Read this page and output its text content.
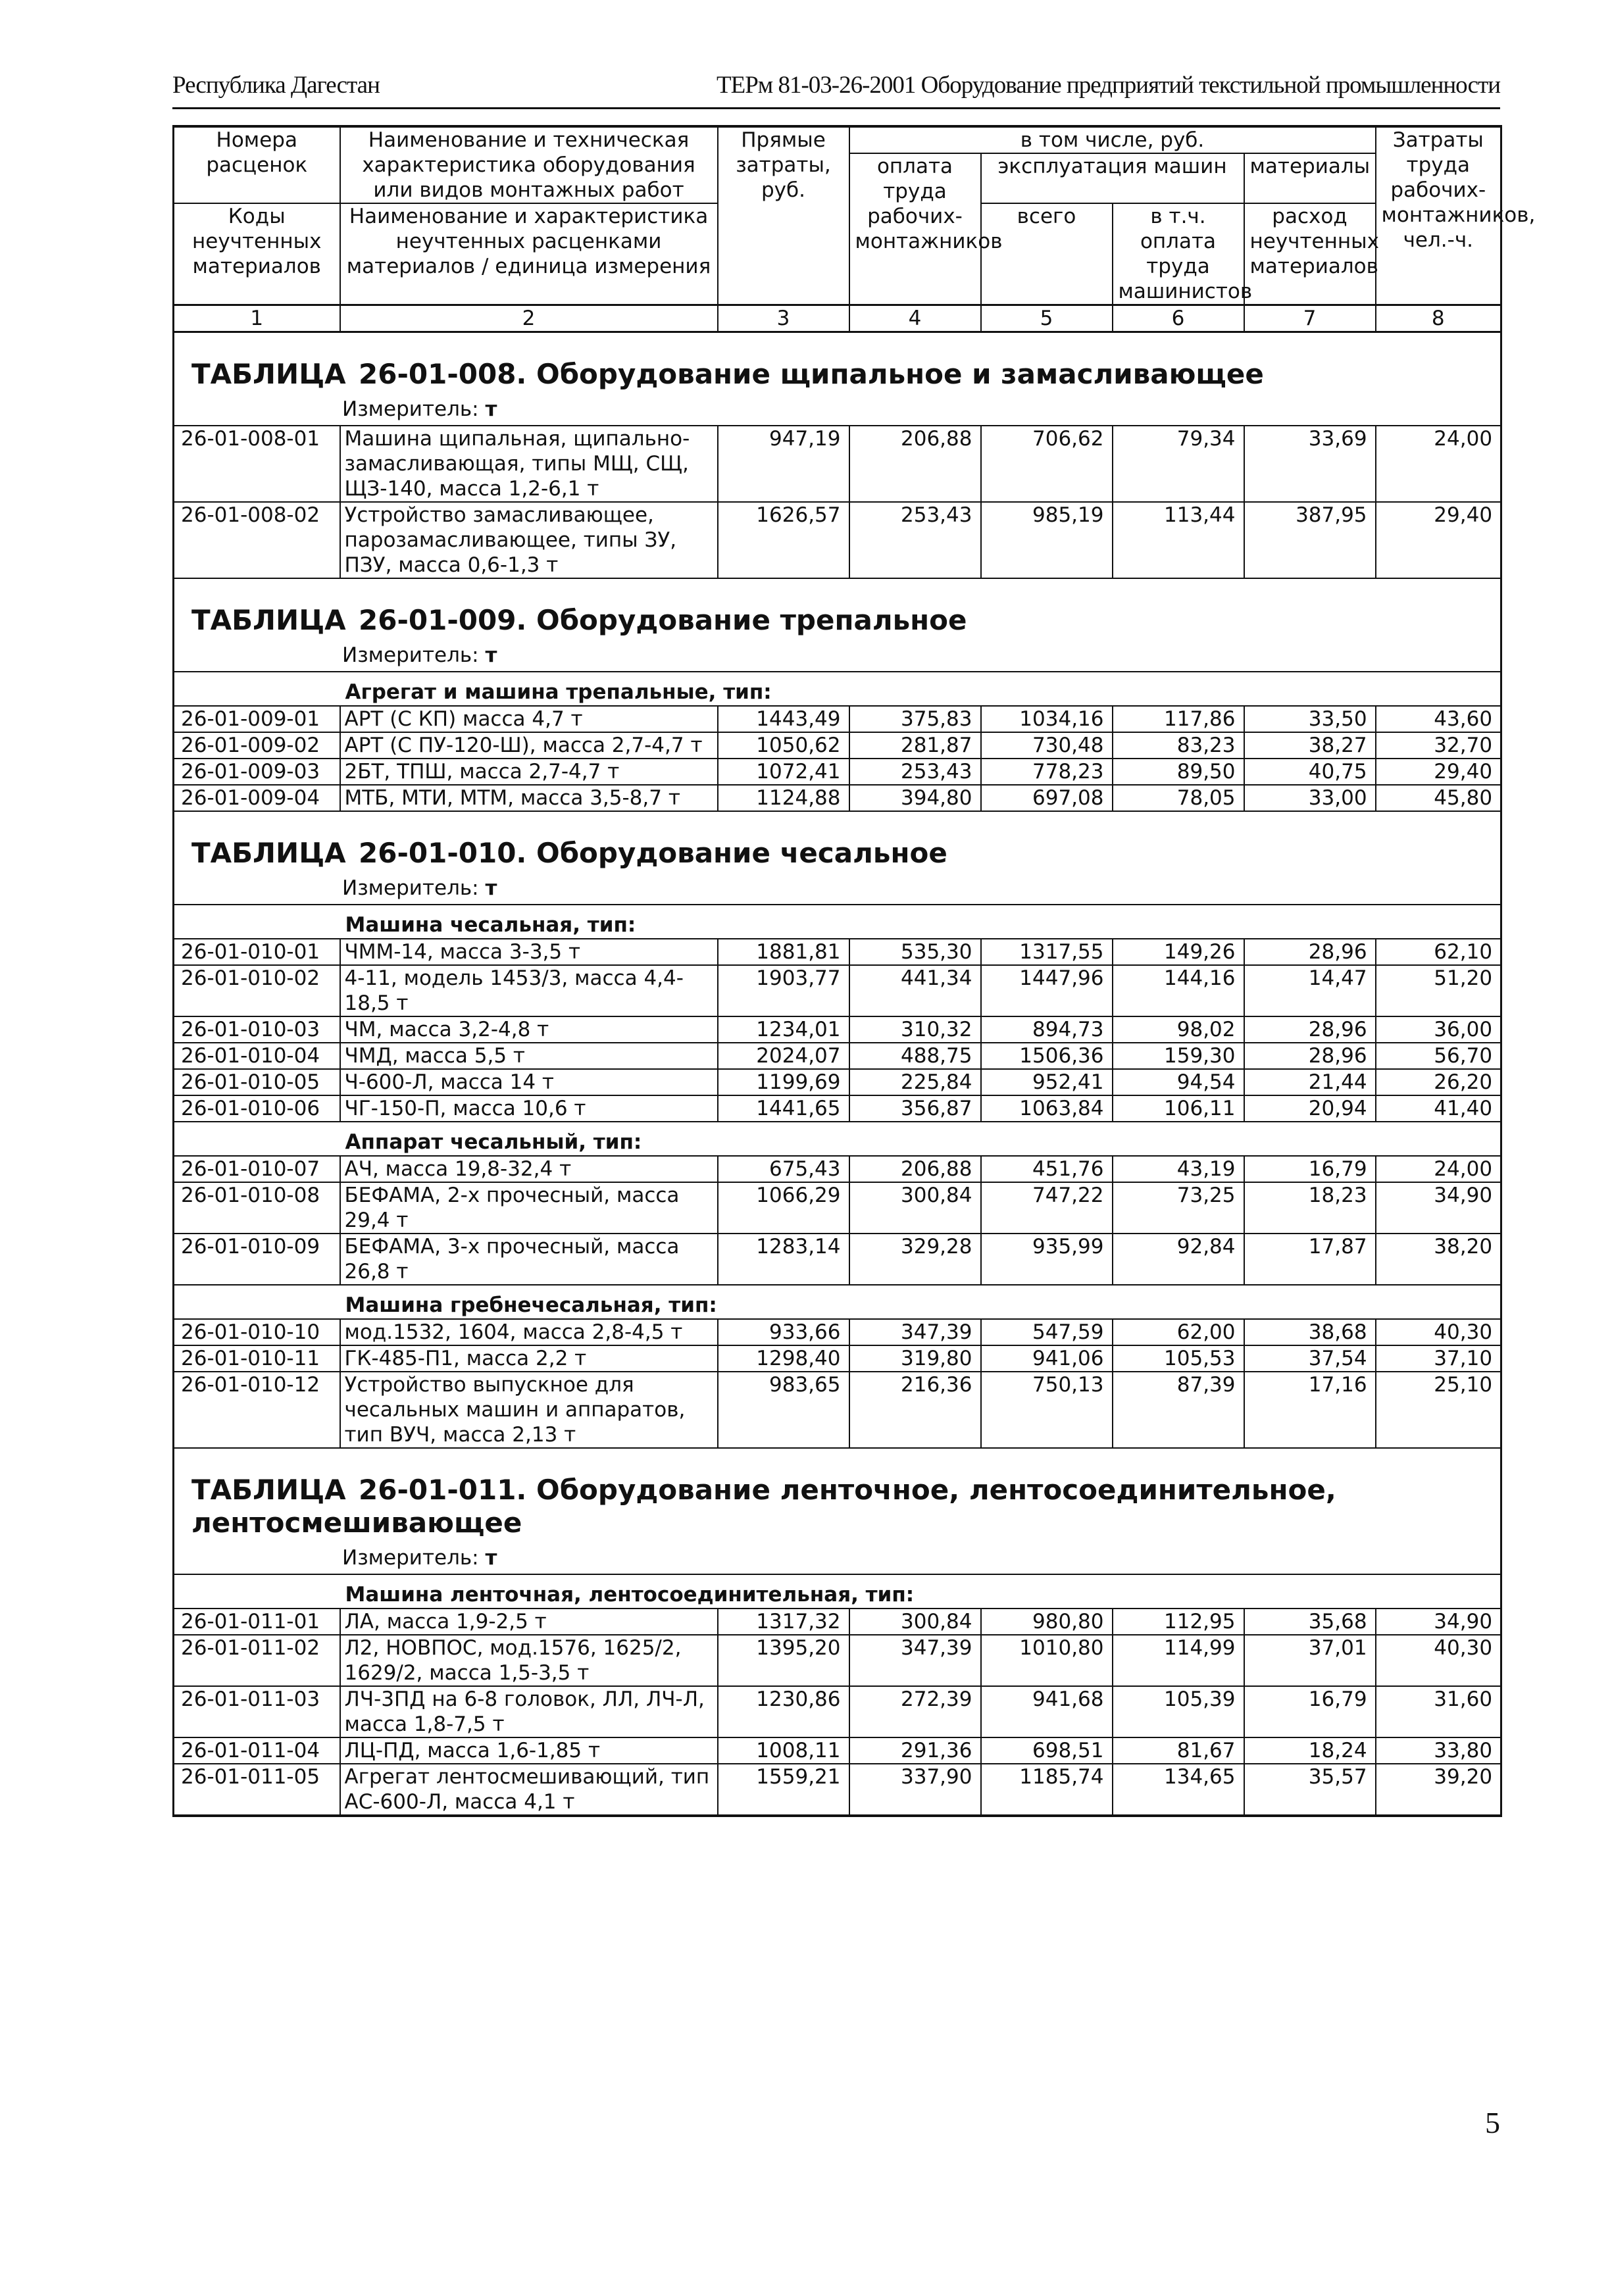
Республика Дагестан	ТЕРм 81-03-26-2001 Оборудование предприятий текстильной промышленности
Номера расценок	Наименование и техническая характеристика оборудования или видов монтажных работ	Прямые затраты, руб.	в том числе, руб.				Затраты труда рабочих-монтажников, чел.-ч.
			оплата труда рабочих-монтажников	эксплуатация машин		материалы	
Коды неучтенных материалов	Наименование и характеристика неучтенных расценками материалов / единица измерения			всего	в т.ч. оплата труда машинистов	расход неучтенных материалов	

1	2	3	4	5	6	7	8
ТАБЛИЦА 26-01-008. Оборудование щипальное и замасливающее							
Измеритель: т							

26-01-008-01	Машина щипальная, щипально-замасливающая, типы МЩ, СЩ, ЩЗ-140, масса 1,2-6,1 т	947,19	206,88	706,62	79,34	33,69	24,00
26-01-008-02	Устройство замасливающее, парозамасливающее, типы ЗУ, ПЗУ, масса 0,6-1,3 т	1626,57	253,43	985,19	113,44	387,95	29,40
ТАБЛИЦА 26-01-009. Оборудование трепальное							
Измеритель: т							

	Агрегат и машина трепальные, тип:						
26-01-009-01	АРТ (С КП) масса 4,7 т	1443,49	375,83	1034,16	117,86	33,50	43,60
26-01-009-02	АРТ (С ПУ-120-Ш), масса 2,7-4,7 т	1050,62	281,87	730,48	83,23	38,27	32,70
26-01-009-03	2БТ, ТПШ, масса 2,7-4,7 т	1072,41	253,43	778,23	89,50	40,75	29,40
26-01-009-04	МТБ, МТИ, МТМ, масса 3,5-8,7 т	1124,88	394,80	697,08	78,05	33,00	45,80
ТАБЛИЦА 26-01-010. Оборудование чесальное							
Измеритель: т							

	Машина чесальная, тип:						
26-01-010-01	ЧММ-14, масса 3-3,5 т	1881,81	535,30	1317,55	149,26	28,96	62,10
26-01-010-02	4-11, модель 1453/3, масса 4,4-18,5 т	1903,77	441,34	1447,96	144,16	14,47	51,20
26-01-010-03	ЧМ, масса 3,2-4,8 т	1234,01	310,32	894,73	98,02	28,96	36,00
26-01-010-04	ЧМД, масса 5,5 т	2024,07	488,75	1506,36	159,30	28,96	56,70
26-01-010-05	Ч-600-Л, масса 14 т	1199,69	225,84	952,41	94,54	21,44	26,20
26-01-010-06	ЧГ-150-П, масса 10,6 т	1441,65	356,87	1063,84	106,11	20,94	41,40
	Аппарат чесальный, тип:						
26-01-010-07	АЧ, масса 19,8-32,4 т	675,43	206,88	451,76	43,19	16,79	24,00
26-01-010-08	БЕФАМА, 2-х прочесный, масса 29,4 т	1066,29	300,84	747,22	73,25	18,23	34,90
26-01-010-09	БЕФАМА, 3-х прочесный, масса 26,8 т	1283,14	329,28	935,99	92,84	17,87	38,20
	Машина гребнечесальная, тип:						
26-01-010-10	мод.1532, 1604, масса 2,8-4,5 т	933,66	347,39	547,59	62,00	38,68	40,30
26-01-010-11	ГК-485-П1, масса 2,2 т	1298,40	319,80	941,06	105,53	37,54	37,10
26-01-010-12	Устройство выпускное для чесальных машин и аппаратов, тип ВУЧ, масса 2,13 т	983,65	216,36	750,13	87,39	17,16	25,10
ТАБЛИЦА 26-01-011. Оборудование ленточное, лентосоединительное, лентосмешивающее							
Измеритель: т							

	Машина ленточная, лентосоединительная, тип:						
26-01-011-01	ЛА, масса 1,9-2,5 т	1317,32	300,84	980,80	112,95	35,68	34,90
26-01-011-02	Л2, НОВПОС, мод.1576, 1625/2, 1629/2, масса 1,5-3,5 т	1395,20	347,39	1010,80	114,99	37,01	40,30
26-01-011-03	ЛЧ-3ПД на 6-8 головок, ЛЛ, ЛЧ-Л, масса 1,8-7,5 т	1230,86	272,39	941,68	105,39	16,79	31,60
26-01-011-04	ЛЦ-ПД, масса 1,6-1,85 т	1008,11	291,36	698,51	81,67	18,24	33,80
26-01-011-05	Агрегат лентосмешивающий, тип АС-600-Л, масса 4,1 т	1559,21	337,90	1185,74	134,65	35,57	39,20
5
